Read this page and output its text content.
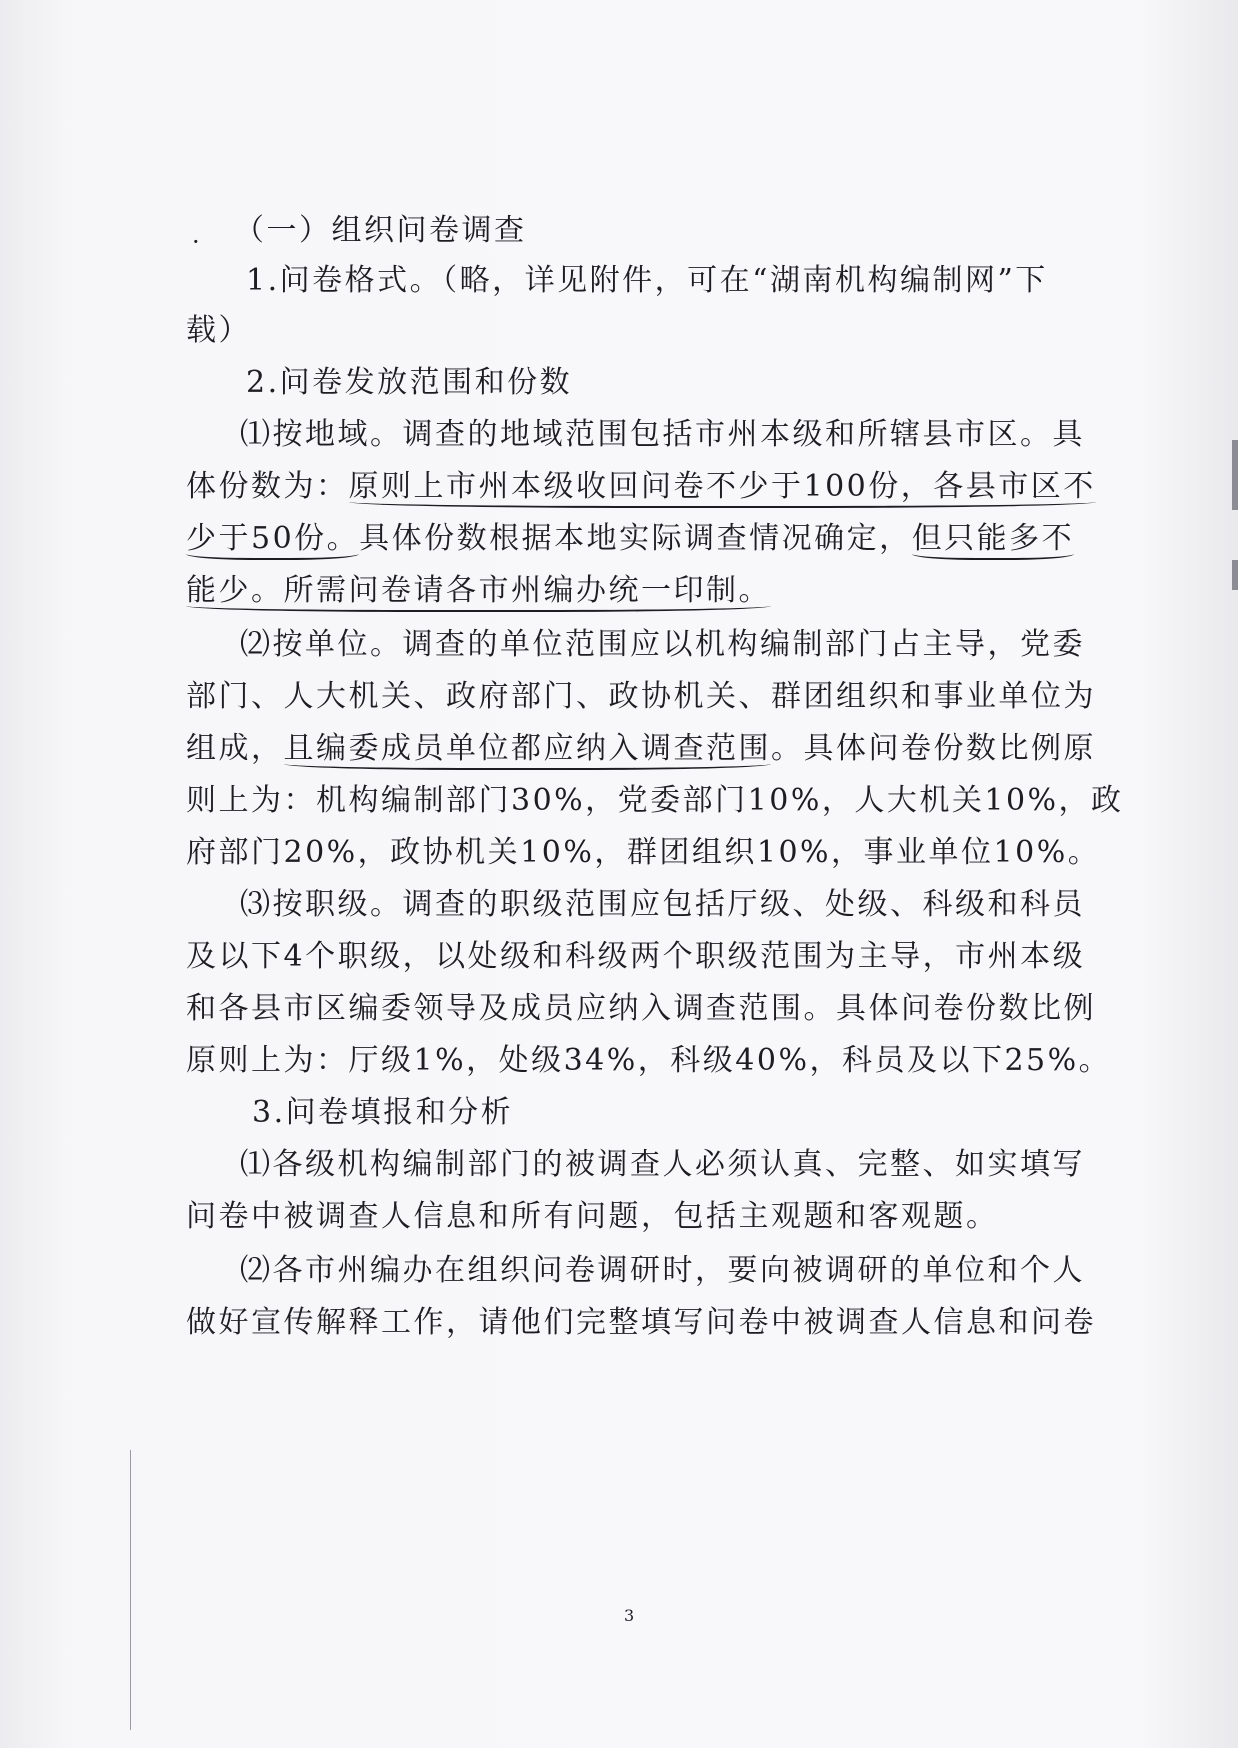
· （一）组织问卷调查
1.问卷格式。（略，详见附件，可在“湖南机构编制网”下
载）
2.问卷发放范围和份数
⑴按地域。调查的地域范围包括市州本级和所辖县市区。具
体份数为：原则上市州本级收回问卷不少于100份，各县市区不
少于50份。具体份数根据本地实际调查情况确定，但只能多不
能少。所需问卷请各市州编办统一印制。
⑵按单位。调查的单位范围应以机构编制部门占主导，党委
部门、人大机关、政府部门、政协机关、群团组织和事业单位为
组成，且编委成员单位都应纳入调查范围。具体问卷份数比例原
则上为：机构编制部门30%，党委部门10%，人大机关10%，政
府部门20%，政协机关10%，群团组织10%，事业单位10%。
⑶按职级。调查的职级范围应包括厅级、处级、科级和科员
及以下4个职级，以处级和科级两个职级范围为主导，市州本级
和各县市区编委领导及成员应纳入调查范围。具体问卷份数比例
原则上为：厅级1%，处级34%，科级40%，科员及以下25%。
3.问卷填报和分析
⑴各级机构编制部门的被调查人必须认真、完整、如实填写
问卷中被调查人信息和所有问题，包括主观题和客观题。
⑵各市州编办在组织问卷调研时，要向被调研的单位和个人
做好宣传解释工作，请他们完整填写问卷中被调查人信息和问卷
3
